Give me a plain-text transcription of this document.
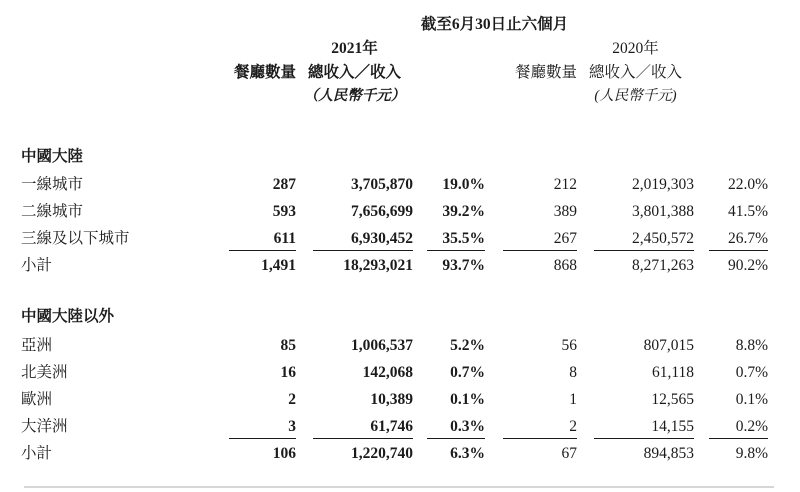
截至6月30日止六個月
		2021年			2020年	
	餐廳數量	總收入／收入		餐廳數量	總收入／收入	
		（人民幣千元）			(人民幣千元)	

中國大陸						
一線城市	287	3,705,870	19.0%	212	2,019,303	22.0%
二線城市	593	7,656,699	39.2%	389	3,801,388	41.5%
三線及以下城市	611	6,930,452	35.5%	267	2,450,572	26.7%
小計	1,491	18,293,021	93.7%	868	8,271,263	90.2%

中國大陸以外						
亞洲	85	1,006,537	5.2%	56	807,015	8.8%
北美洲	16	142,068	0.7%	8	61,118	0.7%
歐洲	2	10,389	0.1%	1	12,565	0.1%
大洋洲	3	61,746	0.3%	2	14,155	0.2%
小計	106	1,220,740	6.3%	67	894,853	9.8%
